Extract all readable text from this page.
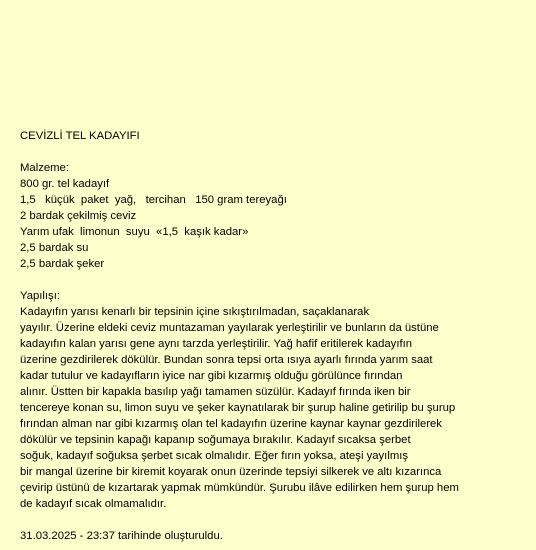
CEVİZLİ TEL KADAYIFI
Malzeme:
800 gr. tel kadayıf
1,5   küçük  paket  yağ,   tercihan   150 gram tereyağı
2 bardak çekilmiş ceviz
Yarım ufak  limonun  suyu  «1,5  kaşık kadar»
2,5 bardak su
2,5 bardak şeker
Yapılışı:
Kadayıfın yarısı kenarlı bir tepsinin içine sıkıştırılmadan, saçaklanarak
yayılır. Üzerine eldeki ceviz muntazaman yayılarak yerleştirilir ve bunların da üstüne
kadayıfın kalan yarısı gene aynı tarzda yerleştirilir. Yağ hafif eritilerek kadayıfın
üzerine gezdirilerek dökülür. Bundan sonra tepsi orta ısıya ayarlı fırında yarım saat
kadar tutulur ve kadayıfların iyice nar gibi kızarmış olduğu görülünce fırından
alınır. Üstten bir kapakla basılıp yağı tamamen süzülür. Kadayıf fırında iken bir
tencereye konan su, limon suyu ve şeker kaynatılarak bir şurup haline getirilip bu şurup
fırından alman nar gibi kızarmış olan tel kadayıfın üzerine kaynar kaynar gezdirilerek
dökülür ve tepsinin kapağı kapanıp soğumaya bırakılır. Kadayıf sıcaksa şerbet
soğuk, kadayıf soğuksa şerbet sıcak olmalıdır. Eğer fırın yoksa, ateşi yayılmış
bir mangal üzerine bir kiremit koyarak onun üzerinde tepsiyi silkerek ve altı kızarınca
çevirip üstünü de kızartarak yapmak mümkündür. Şurubu ilâve edilirken hem şurup hem
de kadayıf sıcak olmamalıdır.
31.03.2025 - 23:37 tarihinde oluşturuldu.
